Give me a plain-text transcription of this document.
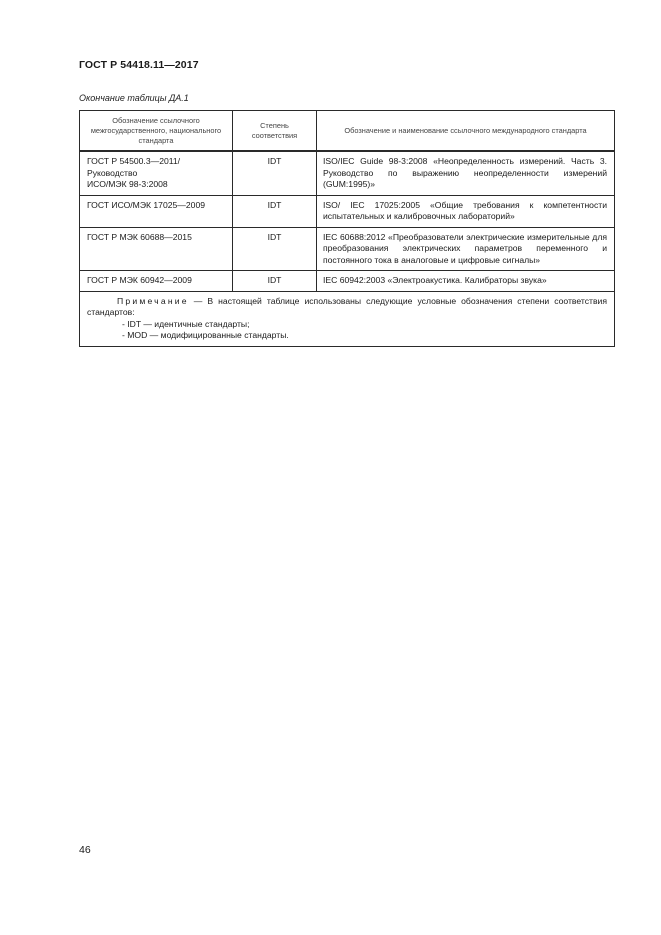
ГОСТ Р 54418.11—2017
Окончание таблицы ДА.1
Обозначение ссылочного межгосударственного, национального стандарта	Степень соответствия	Обозначение и наименование ссылочного международного стандарта

ГОСТ Р 54500.3—2011/
Руководство
ИСО/МЭК 98-3:2008	IDT	ISO/IEC Guide 98-3:2008 «Неопределенность измерений. Часть 3. Руководство по выражению неопределенности измерений (GUM:1995)»

ГОСТ ИСО/МЭК 17025—2009	IDT	ISO/ IEC 17025:2005 «Общие требования к компетентности испытательных и калибровочных лабораторий»

ГОСТ Р МЭК 60688—2015	IDT	IEC 60688:2012 «Преобразователи электрические измерительные для преобразования электрических параметров переменного и постоянного тока в аналоговые и цифровые сигналы»

ГОСТ Р МЭК 60942—2009	IDT	IEC 60942:2003 «Электроакустика. Калибраторы звука»

Примечание — В настоящей таблице использованы следующие условные обозначения степени соответствия стандартов:
- IDT — идентичные стандарты;
- MOD — модифицированные стандарты.		
46
